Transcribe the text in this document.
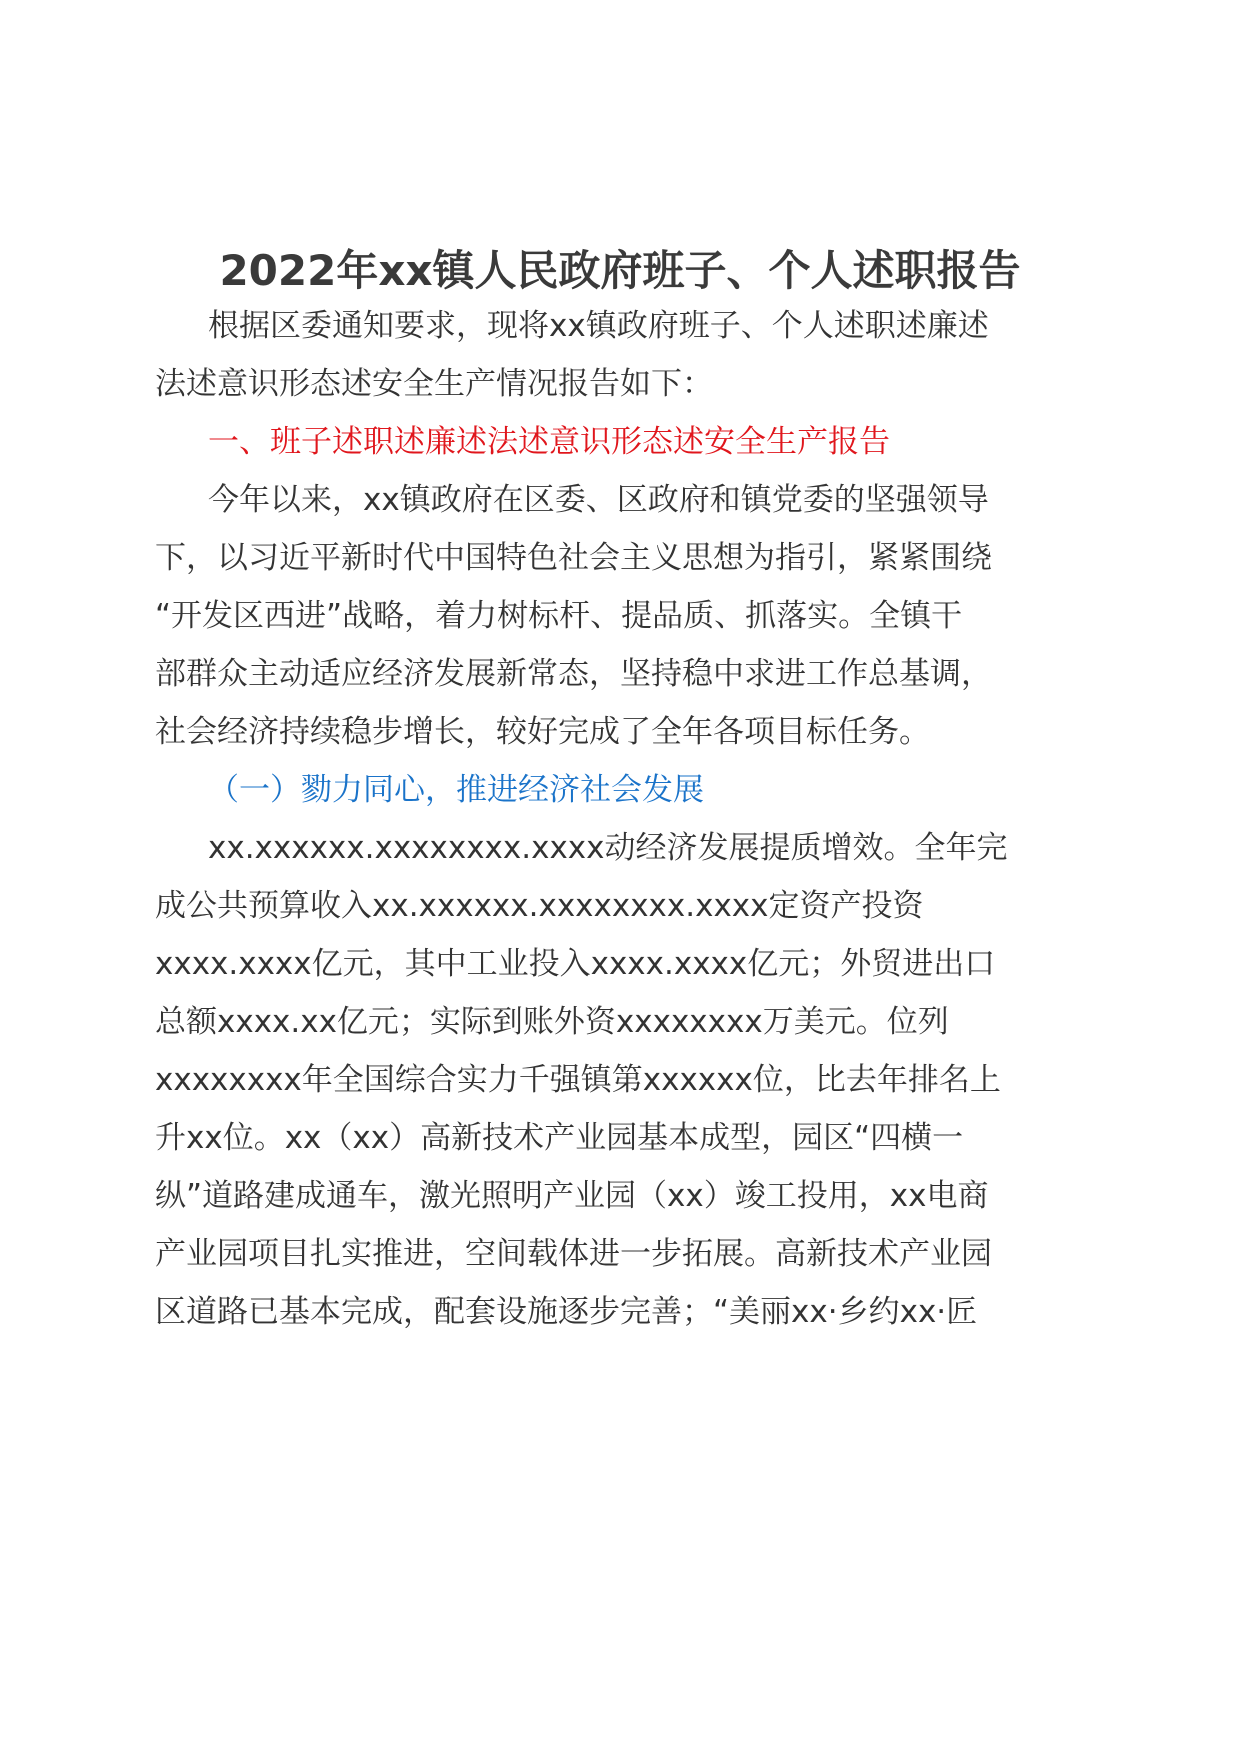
2022年xx镇人民政府班子、个人述职报告
根据区委通知要求，现将xx镇政府班子、个人述职述廉述
法述意识形态述安全生产情况报告如下：
一、班子述职述廉述法述意识形态述安全生产报告
今年以来，xx镇政府在区委、区政府和镇党委的坚强领导
下，以习近平新时代中国特色社会主义思想为指引，紧紧围绕
“开发区西进”战略，着力树标杆、提品质、抓落实。全镇干
部群众主动适应经济发展新常态，坚持稳中求进工作总基调，
社会经济持续稳步增长，较好完成了全年各项目标任务。
（一）勠力同心，推进经济社会发展
xx.xxxxxx.xxxxxxxx.xxxx动经济发展提质增效。全年完
成公共预算收入xx.xxxxxx.xxxxxxxx.xxxx定资产投资
xxxx.xxxx亿元，其中工业投入xxxx.xxxx亿元；外贸进出口
总额xxxx.xx亿元；实际到账外资xxxxxxxx万美元。位列
xxxxxxxx年全国综合实力千强镇第xxxxxx位，比去年排名上
升xx位。xx（xx）高新技术产业园基本成型，园区“四横一
纵”道路建成通车，激光照明产业园（xx）竣工投用，xx电商
产业园项目扎实推进，空间载体进一步拓展。高新技术产业园
区道路已基本完成，配套设施逐步完善；“美丽xx·乡约xx·匠
